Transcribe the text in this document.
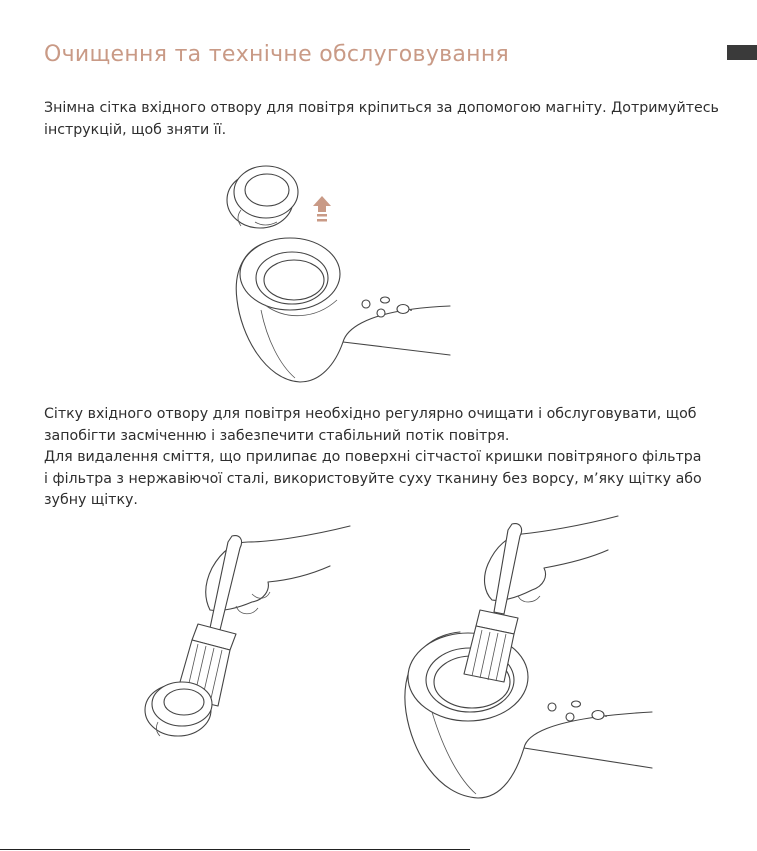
Очищення та технічне обслуговування
Знімна сітка вхідного отвору для повітря кріпиться за допомогою магніту. Дотримуйтесь
інструкцій, щоб зняти її.
Сітку вхідного отвору для повітря необхідно регулярно очищати і обслуговувати, щоб
запобігти засміченню і забезпечити стабільний потік повітря.
Для видалення сміття, що прилипає до поверхні сітчастої кришки повітряного фільтра
і фільтра з нержавіючої сталі, використовуйте суху тканину без ворсу, м’яку щітку або
зубну щітку.
